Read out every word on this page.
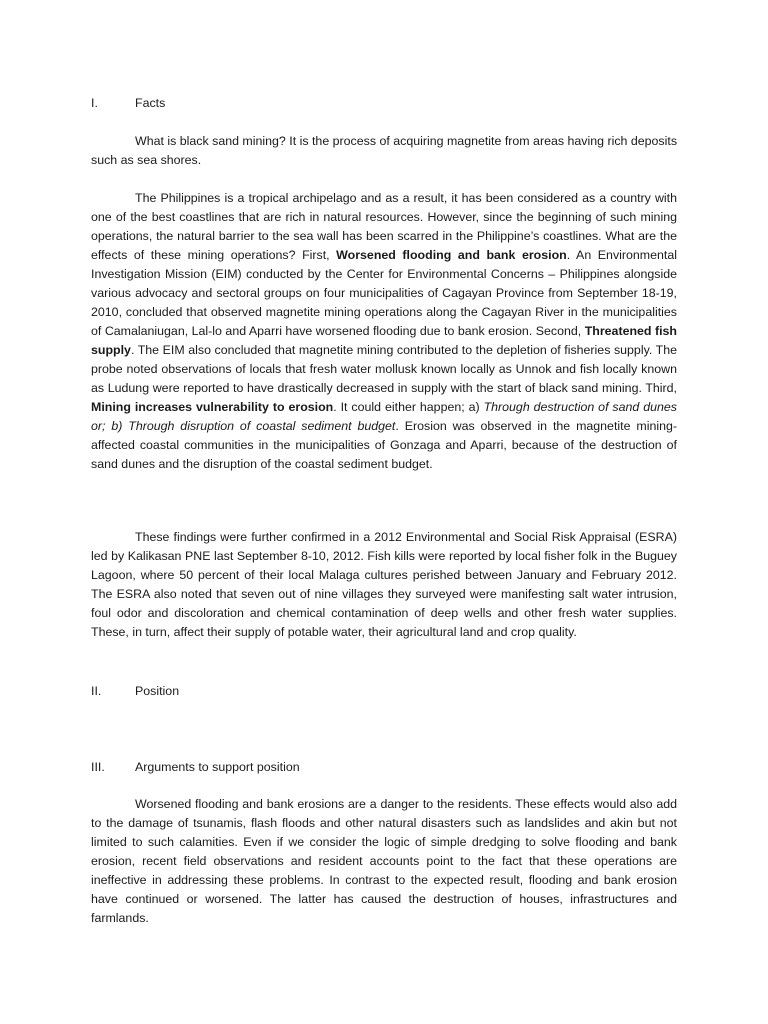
I.	Facts

What is black sand mining? It is the process of acquiring magnetite from areas having rich deposits such as sea shores.

The Philippines is a tropical archipelago and as a result, it has been considered as a country with one of the best coastlines that are rich in natural resources. However, since the beginning of such mining operations, the natural barrier to the sea wall has been scarred in the Philippine’s coastlines. What are the effects of these mining operations? First, Worsened flooding and bank erosion. An Environmental Investigation Mission (EIM) conducted by the Center for Environmental Concerns – Philippines alongside various advocacy and sectoral groups on four municipalities of Cagayan Province from September 18-19, 2010, concluded that observed magnetite mining operations along the Cagayan River in the municipalities of Camalaniugan, Lal-lo and Aparri have worsened flooding due to bank erosion. Second, Threatened fish supply. The EIM also concluded that magnetite mining contributed to the depletion of fisheries supply. The probe noted observations of locals that fresh water mollusk known locally as Unnok and fish locally known as Ludung were reported to have drastically decreased in supply with the start of black sand mining. Third, Mining increases vulnerability to erosion. It could either happen; a) Through destruction of sand dunes or; b) Through disruption of coastal sediment budget. Erosion was observed in the magnetite mining-affected coastal communities in the municipalities of Gonzaga and Aparri, because of the destruction of sand dunes and the disruption of the coastal sediment budget.

These findings were further confirmed in a 2012 Environmental and Social Risk Appraisal (ESRA) led by Kalikasan PNE last September 8-10, 2012. Fish kills were reported by local fisher folk in the Buguey Lagoon, where 50 percent of their local Malaga cultures perished between January and February 2012. The ESRA also noted that seven out of nine villages they surveyed were manifesting salt water intrusion, foul odor and discoloration and chemical contamination of deep wells and other fresh water supplies. These, in turn, affect their supply of potable water, their agricultural land and crop quality.

II.	Position
III. Arguments to support position

Worsened flooding and bank erosions are a danger to the residents. These effects would also add to the damage of tsunamis, flash floods and other natural disasters such as landslides and akin but not limited to such calamities. Even if we consider the logic of simple dredging to solve flooding and bank erosion, recent field observations and resident accounts point to the fact that these operations are ineffective in addressing these problems. In contrast to the expected result, flooding and bank erosion have continued or worsened. The latter has caused the destruction of houses, infrastructures and farmlands.
